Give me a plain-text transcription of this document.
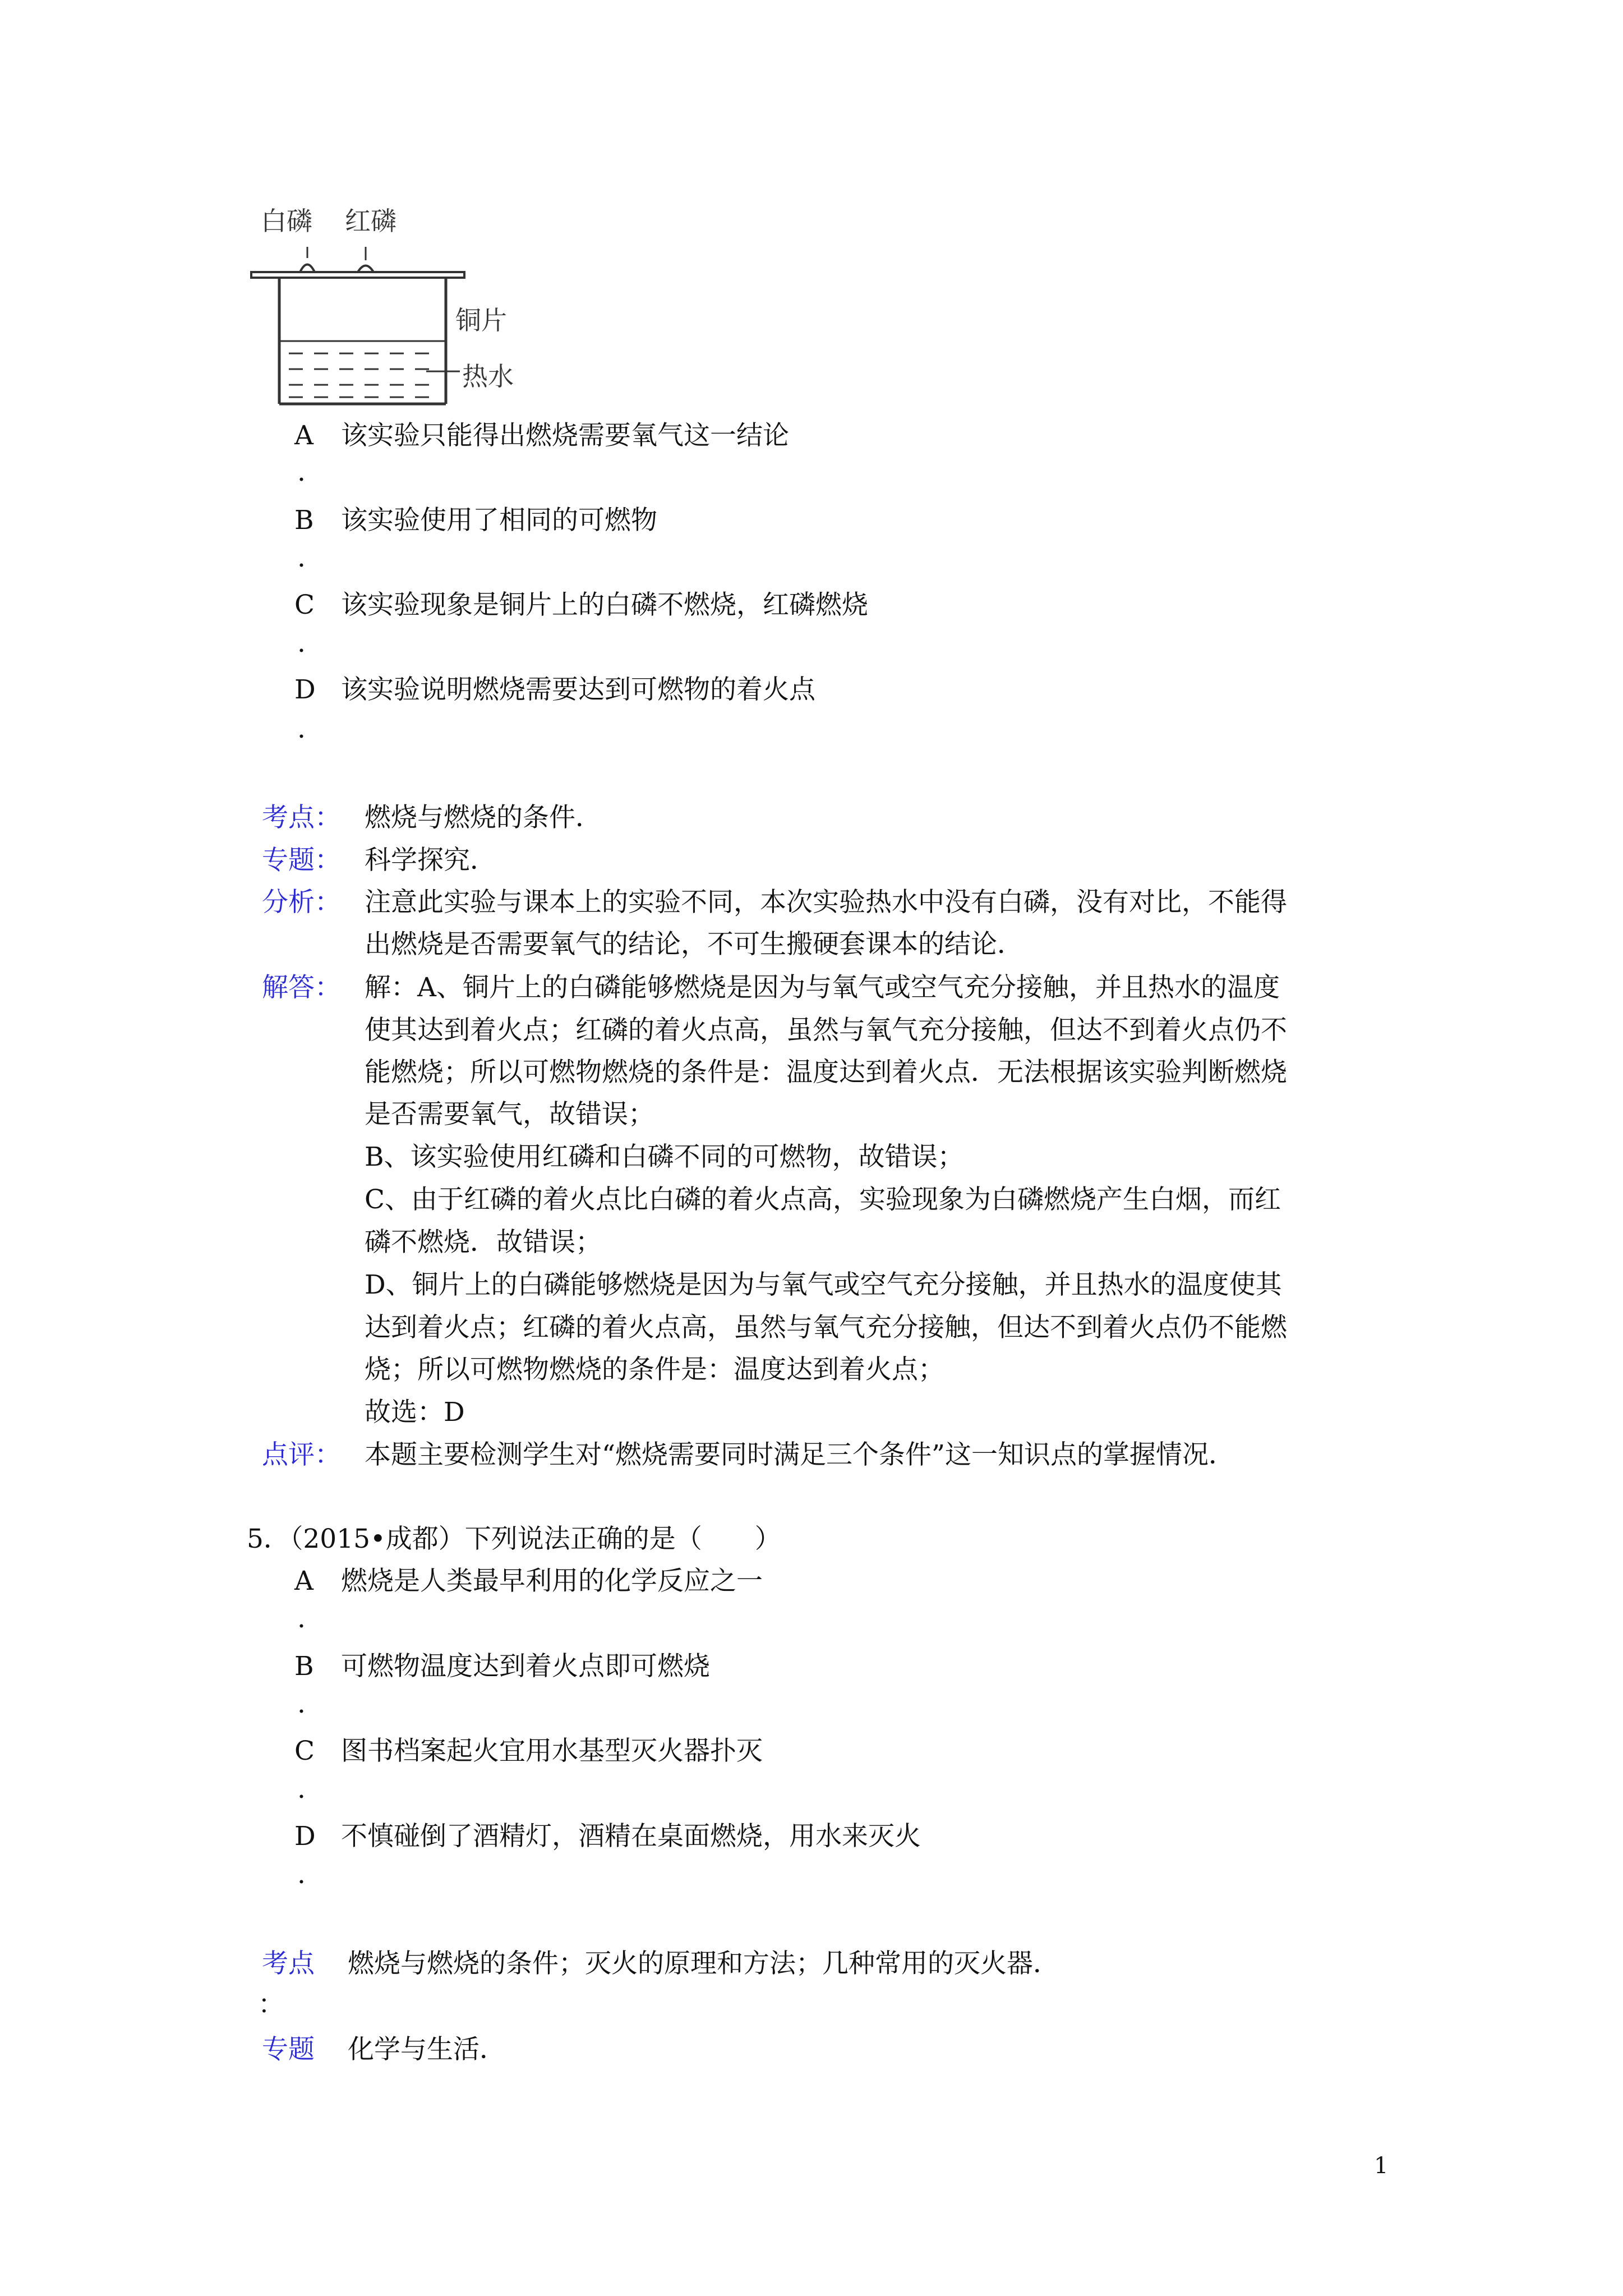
白磷 红磷
铜片
热水
A 该实验只能得出燃烧需要氧气这一结论
.
B 该实验使用了相同的可燃物
.
C 该实验现象是铜片上的白磷不燃烧，红磷燃烧
.
D 该实验说明燃烧需要达到可燃物的着火点
.
考点： 燃烧与燃烧的条件．
专题： 科学探究．
分析： 注意此实验与课本上的实验不同，本次实验热水中没有白磷，没有对比，不能得
出燃烧是否需要氧气的结论，不可生搬硬套课本的结论．
解答： 解：A、铜片上的白磷能够燃烧是因为与氧气或空气充分接触，并且热水的温度
使其达到着火点；红磷的着火点高，虽然与氧气充分接触，但达不到着火点仍不
能燃烧；所以可燃物燃烧的条件是：温度达到着火点．无法根据该实验判断燃烧
是否需要氧气，故错误；
B、该实验使用红磷和白磷不同的可燃物，故错误；
C、由于红磷的着火点比白磷的着火点高，实验现象为白磷燃烧产生白烟，而红
磷不燃烧．故错误；
D、铜片上的白磷能够燃烧是因为与氧气或空气充分接触，并且热水的温度使其
达到着火点；红磷的着火点高，虽然与氧气充分接触，但达不到着火点仍不能燃
烧；所以可燃物燃烧的条件是：温度达到着火点；
故选：D
点评： 本题主要检测学生对“燃烧需要同时满足三个条件”这一知识点的掌握情况．
5．（2015•成都）下列说法正确的是（　　）
A 燃烧是人类最早利用的化学反应之一
.
B 可燃物温度达到着火点即可燃烧
.
C 图书档案起火宜用水基型灭火器扑灭
.
D 不慎碰倒了酒精灯，酒精在桌面燃烧，用水来灭火
.
考点 燃烧与燃烧的条件；灭火的原理和方法；几种常用的灭火器．
：
专题 化学与生活．
1
